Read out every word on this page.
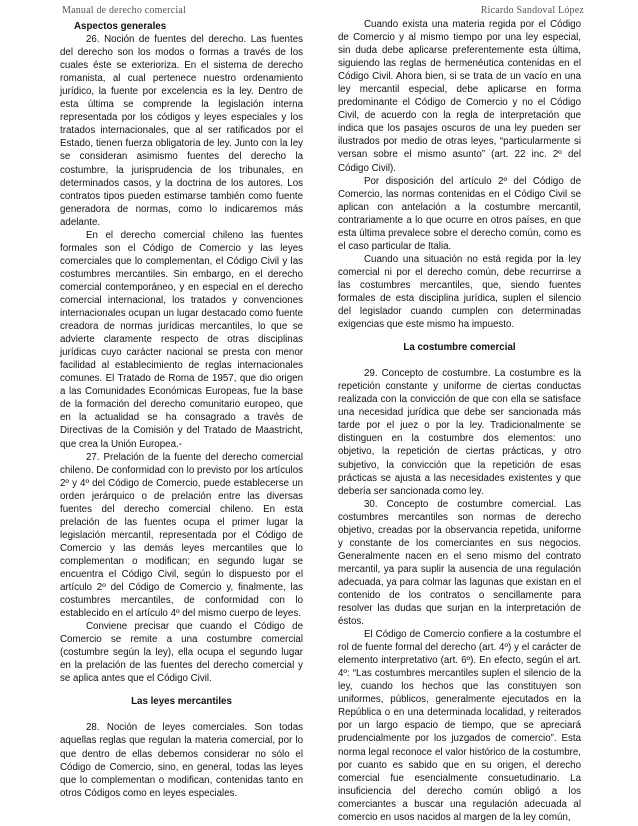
Manual de derecho comercial	Ricardo Sandoval López
Aspectos generales

26. Noción de fuentes del derecho. Las fuentes del derecho son los modos o formas a través de los cuales éste se exterioriza. En el sistema de derecho romanista, al cual pertenece nuestro ordenamiento jurídico, la fuente por excelencia es la ley. Dentro de esta última se comprende la legislación interna representada por los códigos y leyes especiales y los tratados internacionales, que al ser ratificados por el Estado, tienen fuerza obligatoria de ley. Junto con la ley se consideran asimismo fuentes del derecho la costumbre, la jurisprudencia de los tribunales, en determinados casos, y la doctrina de los autores. Los contratos tipos pueden estimarse también como fuente generadora de normas, como lo indicaremos más adelante.

En el derecho comercial chileno las fuentes formales son el Código de Comercio y las leyes comerciales que lo complementan, el Código Civil y las costumbres mercantiles. Sin embargo, en el derecho comercial contemporáneo, y en especial en el derecho comercial internacional, los tratados y convenciones internacionales ocupan un lugar destacado como fuente creadora de normas jurídicas mercantiles, lo que se advierte claramente respecto de otras disciplinas jurídicas cuyo carácter nacional se presta con menor facilidad al establecimiento de reglas internacionales comunes. El Tratado de Roma de 1957, que dio origen a las Comunidades Económicas Europeas, fue la base de la formación del derecho comunitario europeo, que en la actualidad se ha consagrado a través de Directivas de la Comisión y del Tratado de Maastricht, que crea la Unión Europea.-

27. Prelación de la fuente del derecho comercial chileno. De conformidad con lo previsto por los artículos 2º y 4º del Código de Comercio, puede establecerse un orden jerárquico o de prelación entre las diversas fuentes del derecho comercial chileno. En esta prelación de las fuentes ocupa el primer lugar la legislación mercantil, representada por el Código de Comercio y las demás leyes mercantiles que lo complementan o modifican; en segundo lugar se encuentra el Código Civil, según lo dispuesto por el artículo 2º del Código de Comercio y, finalmente, las costumbres mercantiles, de conformidad con lo establecido en el artículo 4º del mismo cuerpo de leyes.

Conviene precisar que cuando el Código de Comercio se remite a una costumbre comercial (costumbre según la ley), ella ocupa el segundo lugar en la prelación de las fuentes del derecho comercial y se aplica antes que el Código Civil.

Las leyes mercantiles

28. Noción de leyes comerciales. Son todas aquellas reglas que regulan la materia comercial, por lo que dentro de ellas debemos considerar no sólo el Código de Comercio, sino, en general, todas las leyes que lo complementan o modifican, contenidas tanto en otros Códigos como en leyes especiales.

Cuando exista una materia regida por el Código de Comercio y al mismo tiempo por una ley especial, sin duda debe aplicarse preferentemente esta última, siguiendo las reglas de hermenéutica contenidas en el Código Civil. Ahora bien, si se trata de un vacío en una ley mercantil especial, debe aplicarse en forma predominante el Código de Comercio y no el Código Civil, de acuerdo con la regla de interpretación que indica que los pasajes oscuros de una ley pueden ser ilustrados por medio de otras leyes, “particularmente si versan sobre el mismo asunto” (art. 22 inc. 2º del Código Civil).

Por disposición del artículo 2º del Código de Comercio, las normas contenidas en el Código Civil se aplican con antelación a la costumbre mercantil, contrariamente a lo que ocurre en otros países, en que esta última prevalece sobre el derecho común, como es el caso particular de Italia.

Cuando una situación no está regida por la ley comercial ni por el derecho común, debe recurrirse a las costumbres mercantiles, que, siendo fuentes formales de esta disciplina jurídica, suplen el silencio del legislador cuando cumplen con determinadas exigencias que este mismo ha impuesto.

La costumbre comercial

29. Concepto de costumbre. La costumbre es la repetición constante y uniforme de ciertas conductas realizada con la convicción de que con ella se satisface una necesidad jurídica que debe ser sancionada más tarde por el juez o por la ley. Tradicionalmente se distinguen en la costumbre dos elementos: uno objetivo, la repetición de ciertas prácticas, y otro subjetivo, la convicción que la repetición de esas prácticas se ajusta a las necesidades existentes y que debería ser sancionada como ley.

30. Concepto de costumbre comercial. Las costumbres mercantiles son normas de derecho objetivo, creadas por la observancia repetida, uniforme y constante de los comerciantes en sus negocios. Generalmente nacen en el seno mismo del contrato mercantil, ya para suplir la ausencia de una regulación adecuada, ya para colmar las lagunas que existan en el contenido de los contratos o sencillamente para resolver las dudas que surjan en la interpretación de éstos.

El Código de Comercio confiere a la costumbre el rol de fuente formal del derecho (art. 4º) y el carácter de elemento interpretativo (art. 6º). En efecto, según el art. 4º: “Las costumbres mercantiles suplen el silencio de la ley, cuando los hechos que las constituyen son uniformes, públicos, generalmente ejecutados en la República o en una determinada localidad, y reiterados por un largo espacio de tiempo, que se apreciará prudencialmente por los juzgados de comercio”. Esta norma legal reconoce el valor histórico de la costumbre, por cuanto es sabido que en su origen, el derecho comercial fue esencialmente consuetudinario. La insuficiencia del derecho común obligó a los comerciantes a buscar una regulación adecuada al comercio en usos nacidos al margen de la ley común,
